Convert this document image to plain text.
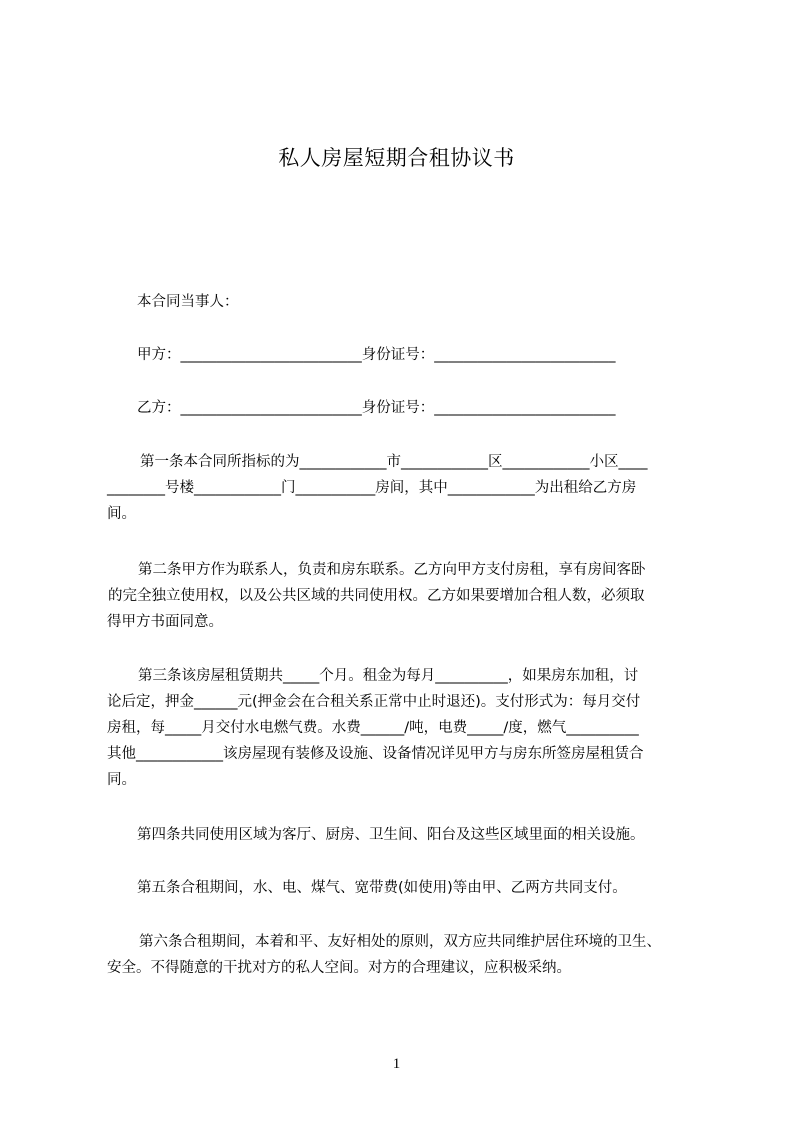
私人房屋短期合租协议书
本合同当事人：
甲方：_________________________身份证号：_________________________
乙方：_________________________身份证号：_________________________
第一条本合同所指标的为____________市____________区____________小区____
________号楼____________门___________房间，其中____________为出租给乙方房
间。
第二条甲方作为联系人，负责和房东联系。乙方向甲方支付房租，享有房间客卧
的完全独立使用权，以及公共区域的共同使用权。乙方如果要增加合租人数，必须取
得甲方书面同意。
第三条该房屋租赁期共_____个月。租金为每月__________，如果房东加租，讨
论后定，押金______元(押金会在合租关系正常中止时退还)。支付形式为：每月交付
房租，每_____月交付水电燃气费。水费______/吨，电费_____/度，燃气__________
其他____________该房屋现有装修及设施、设备情况详见甲方与房东所签房屋租赁合
同。
第四条共同使用区域为客厅、厨房、卫生间、阳台及这些区域里面的相关设施。
第五条合租期间，水、电、煤气、宽带费(如使用)等由甲、乙两方共同支付。
第六条合租期间，本着和平、友好相处的原则，双方应共同维护居住环境的卫生、
安全。不得随意的干扰对方的私人空间。对方的合理建议，应积极采纳。
1
